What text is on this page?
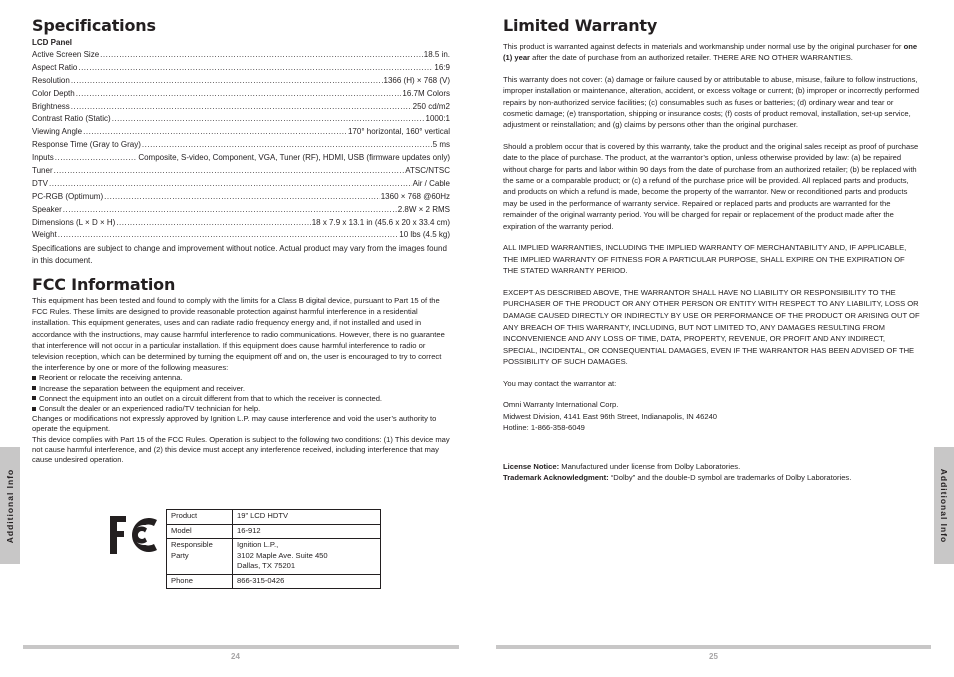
Specifications
LCD Panel
Active Screen Size .....	18.5 in.
Aspect Ratio .....	16:9
Resolution .....	1366 (H) × 768 (V)
Color Depth .....	16.7M Colors
Brightness .....	250 cd/m2
Contrast Ratio (Static) .....	1000:1
Viewing Angle .....	170° horizontal, 160° vertical
Response Time (Gray to Gray) .....	5 ms
Inputs .....	Composite, S-video, Component, VGA, Tuner (RF), HDMI, USB (firmware updates only)
Tuner .....	ATSC/NTSC
DTV .....	Air / Cable
PC-RGB (Optimum) .....	1360 × 768 @60Hz
Speaker .....	2.8W × 2 RMS
Dimensions (L × D × H) .....	18 x 7.9 x 13.1 in (45.6 x 20 x 33.4 cm)
Weight .....	10 lbs (4.5 kg)
Specifications are subject to change and improvement without notice. Actual product may vary from the images found in this document.
FCC Information

This equipment has been tested and found to comply with the limits for a Class B digital device, pursuant to Part 15 of the FCC Rules. These limits are designed to provide reasonable protection against harmful interference in a residential installation. This equipment generates, uses and can radiate radio frequency energy and, if not installed and used in accordance with the instructions, may cause harmful interference to radio communications. However, there is no guarantee that interference will not occur in a particular installation. If this equipment does cause harmful interference to radio or television reception, which can be determined by turning the equipment off and on, the user is encouraged to try to correct the interference by one or more of the following measures:

Reorient or relocate the receiving antenna.
Increase the separation between the equipment and receiver.
Connect the equipment into an outlet on a circuit different from that to which the receiver is connected.
Consult the dealer or an experienced radio/TV technician for help.

Changes or modifications not expressly approved by Ignition L.P. may cause interference and void the user’s authority to operate the equipment.

This device complies with Part 15 of the FCC Rules. Operation is subject to the following two conditions: (1) This device may not cause harmful interference, and (2) this device must accept any interference received, including interference that may cause undesired operation.

Product	19” LCD HDTV
Model	16-912
Responsible
Party	Ignition L.P.,
3102 Maple Ave. Suite 450
Dallas, TX 75201
Phone	866-315-0426
Additional Info
24
Limited Warranty

This product is warranted against defects in materials and workmanship under normal use by the original purchaser for one (1) year after the date of purchase from an authorized retailer. THERE ARE NO OTHER WARRANTIES.

This warranty does not cover: (a) damage or failure caused by or attributable to abuse, misuse, failure to follow instructions, improper installation or maintenance, alteration, accident, or excess voltage or current; (b) improper or incorrectly performed repairs by non-authorized service facilities; (c) consumables such as fuses or batteries; (d) ordinary wear and tear or cosmetic damage; (e) transportation, shipping or insurance costs; (f) costs of product removal, installation, set-up service, adjustment or reinstallation; and (g) claims by persons other than the original purchaser.

Should a problem occur that is covered by this warranty, take the product and the original sales receipt as proof of purchase date to the place of purchase. The product, at the warrantor’s option, unless otherwise provided by law: (a) be repaired without charge for parts and labor within 90 days from the date of purchase from an authorized retailer; (b) be replaced with the same or a comparable product; or (c) a refund of the purchase price will be provided. All replaced parts and products, and products on which a refund is made, become the property of the warrantor. New or reconditioned parts and products may be used in the performance of warranty service. Repaired or replaced parts and products are warranted for the remainder of the original warranty period. You will be charged for repair or replacement of the product made after the expiration of the warranty period.

ALL IMPLIED WARRANTIES, INCLUDING THE IMPLIED WARRANTY OF MERCHANTABILITY AND, IF APPLICABLE, THE IMPLIED WARRANTY OF FITNESS FOR A PARTICULAR PURPOSE, SHALL EXPIRE ON THE EXPIRATION OF THE STATED WARRANTY PERIOD.

EXCEPT AS DESCRIBED ABOVE, THE WARRANTOR SHALL HAVE NO LIABILITY OR RESPONSIBILITY TO THE PURCHASER OF THE PRODUCT OR ANY OTHER PERSON OR ENTITY WITH RESPECT TO ANY LIABILITY, LOSS OR DAMAGE CAUSED DIRECTLY OR INDIRECTLY BY USE OR PERFORMANCE OF THE PRODUCT OR ARISING OUT OF ANY BREACH OF THIS WARRANTY, INCLUDING, BUT NOT LIMITED TO, ANY DAMAGES RESULTING FROM INCONVENIENCE AND ANY LOSS OF TIME, DATA, PROPERTY, REVENUE, OR PROFIT AND ANY INDIRECT, SPECIAL, INCIDENTAL, OR CONSEQUENTIAL DAMAGES, EVEN IF THE WARRANTOR HAS BEEN ADVISED OF THE POSSIBILITY OF SUCH DAMAGES.

You may contact the warrantor at:

Omni Warranty International Corp.
Midwest Division, 4141 East 96th Street, Indianapolis, IN 46240
Hotline: 1-866-358-6049

License Notice: Manufactured under license from Dolby Laboratories.
Trademark Acknowledgment: “Dolby” and the double-D symbol are trademarks of Dolby Laboratories.	Additional Info
25
